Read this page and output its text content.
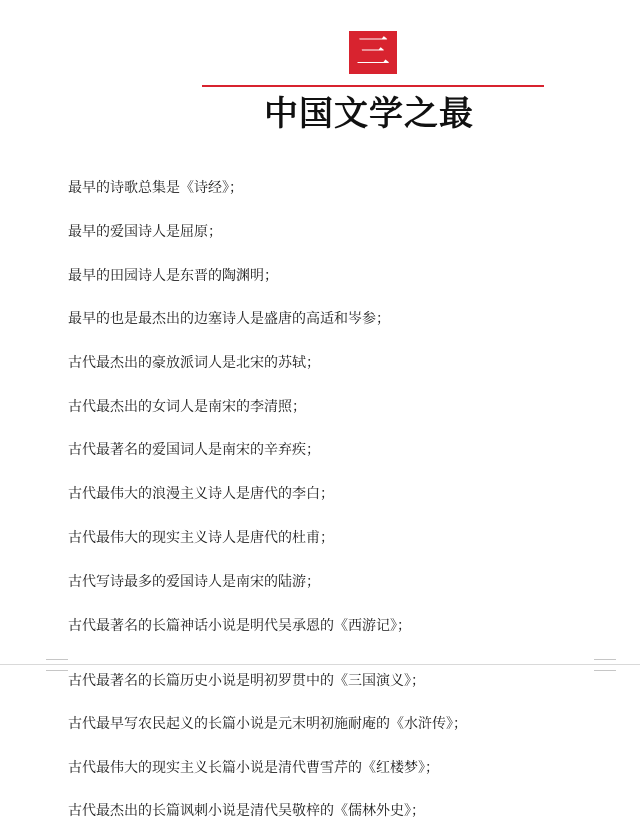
三
中国文学之最
最早的诗歌总集是《诗经》；
最早的爱国诗人是屈原；
最早的田园诗人是东晋的陶渊明；
最早的也是最杰出的边塞诗人是盛唐的高适和岑参；
古代最杰出的豪放派词人是北宋的苏轼；
古代最杰出的女词人是南宋的李清照；
古代最著名的爱国词人是南宋的辛弃疾；
古代最伟大的浪漫主义诗人是唐代的李白；
古代最伟大的现实主义诗人是唐代的杜甫；
古代写诗最多的爱国诗人是南宋的陆游；
古代最著名的长篇神话小说是明代吴承恩的《西游记》；
古代最著名的长篇历史小说是明初罗贯中的《三国演义》；
古代最早写农民起义的长篇小说是元末明初施耐庵的《水浒传》；
古代最伟大的现实主义长篇小说是清代曹雪芹的《红楼梦》；
古代最杰出的长篇讽刺小说是清代吴敬梓的《儒林外史》；
